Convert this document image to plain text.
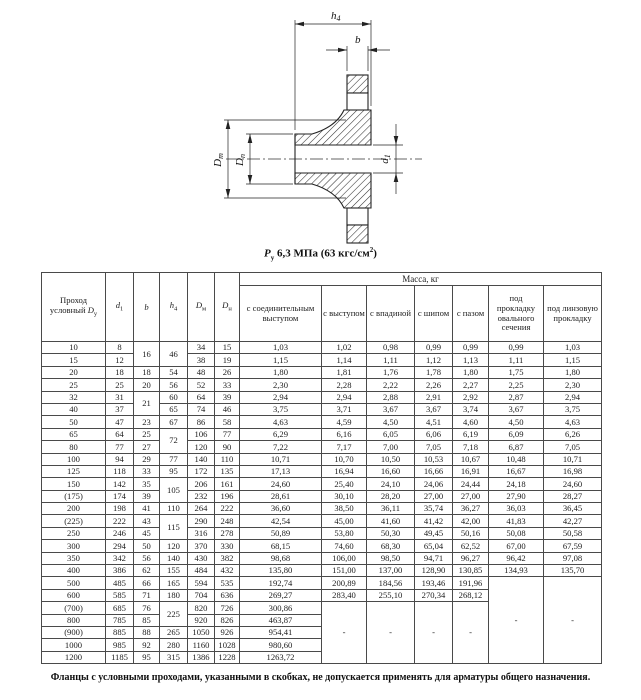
h4
b
Dm
Dn
d1
$P_у$ 6,3 МПа (63 кгс/$см^2$)
Проход условный $D_у$	$d_1$	b	$h_4$	$D_м$	$D_н$	Масса, кг						
						с соединительным выступом	с выступом	с впадиной	с шипом	с пазом	под прокладку овального сечения	под линзовую прокладку
10	8	16	46	34	15	1,03	1,02	0,98	0,99	0,99	0,99	1,03
15	12			38	19	1,15	1,14	1,11	1,12	1,13	1,11	1,15
20	18	18	54	48	26	1,80	1,81	1,76	1,78	1,80	1,75	1,80
25	25	20	56	52	33	2,30	2,28	2,22	2,26	2,27	2,25	2,30
32	31	21	60	64	39	2,94	2,94	2,88	2,91	2,92	2,87	2,94
40	37		65	74	46	3,75	3,71	3,67	3,67	3,74	3,67	3,75
50	47	23	67	86	58	4,63	4,59	4,50	4,51	4,60	4,50	4,63
65	64	25	72	106	77	6,29	6,16	6,05	6,06	6,19	6,09	6,26
80	77	27		120	90	7,22	7,17	7,00	7,05	7,18	6,87	7,05
100	94	29	77	140	110	10,71	10,70	10,50	10,53	10,67	10,48	10,71
125	118	33	95	172	135	17,13	16,94	16,60	16,66	16,91	16,67	16,98
150	142	35	105	206	161	24,60	25,40	24,10	24,06	24,44	24,18	24,60
(175)	174	39		232	196	28,61	30,10	28,20	27,00	27,00	27,90	28,27
200	198	41	110	264	222	36,60	38,50	36,11	35,74	36,27	36,03	36,45
(225)	222	43	115	290	248	42,54	45,00	41,60	41,42	42,00	41,83	42,27
250	246	45		316	278	50,89	53,80	50,30	49,45	50,16	50,08	50,58
300	294	50	120	370	330	68,15	74,60	68,30	65,04	62,52	67,00	67,59
350	342	56	140	430	382	98,68	106,00	98,50	94,71	96,27	96,42	97,08
400	386	62	155	484	432	135,80	151,00	137,00	128,90	130,85	134,93	135,70
500	485	66	165	594	535	192,74	200,89	184,56	193,46	191,96	-	-
600	585	71	180	704	636	269,27	283,40	255,10	270,34	268,12		
(700)	685	76	225	820	726	300,86	-	-	-	-		
800	785	85		920	826	463,87						
(900)	885	88	265	1050	926	954,41						
1000	985	92	280	1160	1028	980,60						
1200	1185	95	315	1386	1228	1263,72						
Фланцы с условными проходами, указанными в скобках, не допускается применять для арматуры общего назначения.
